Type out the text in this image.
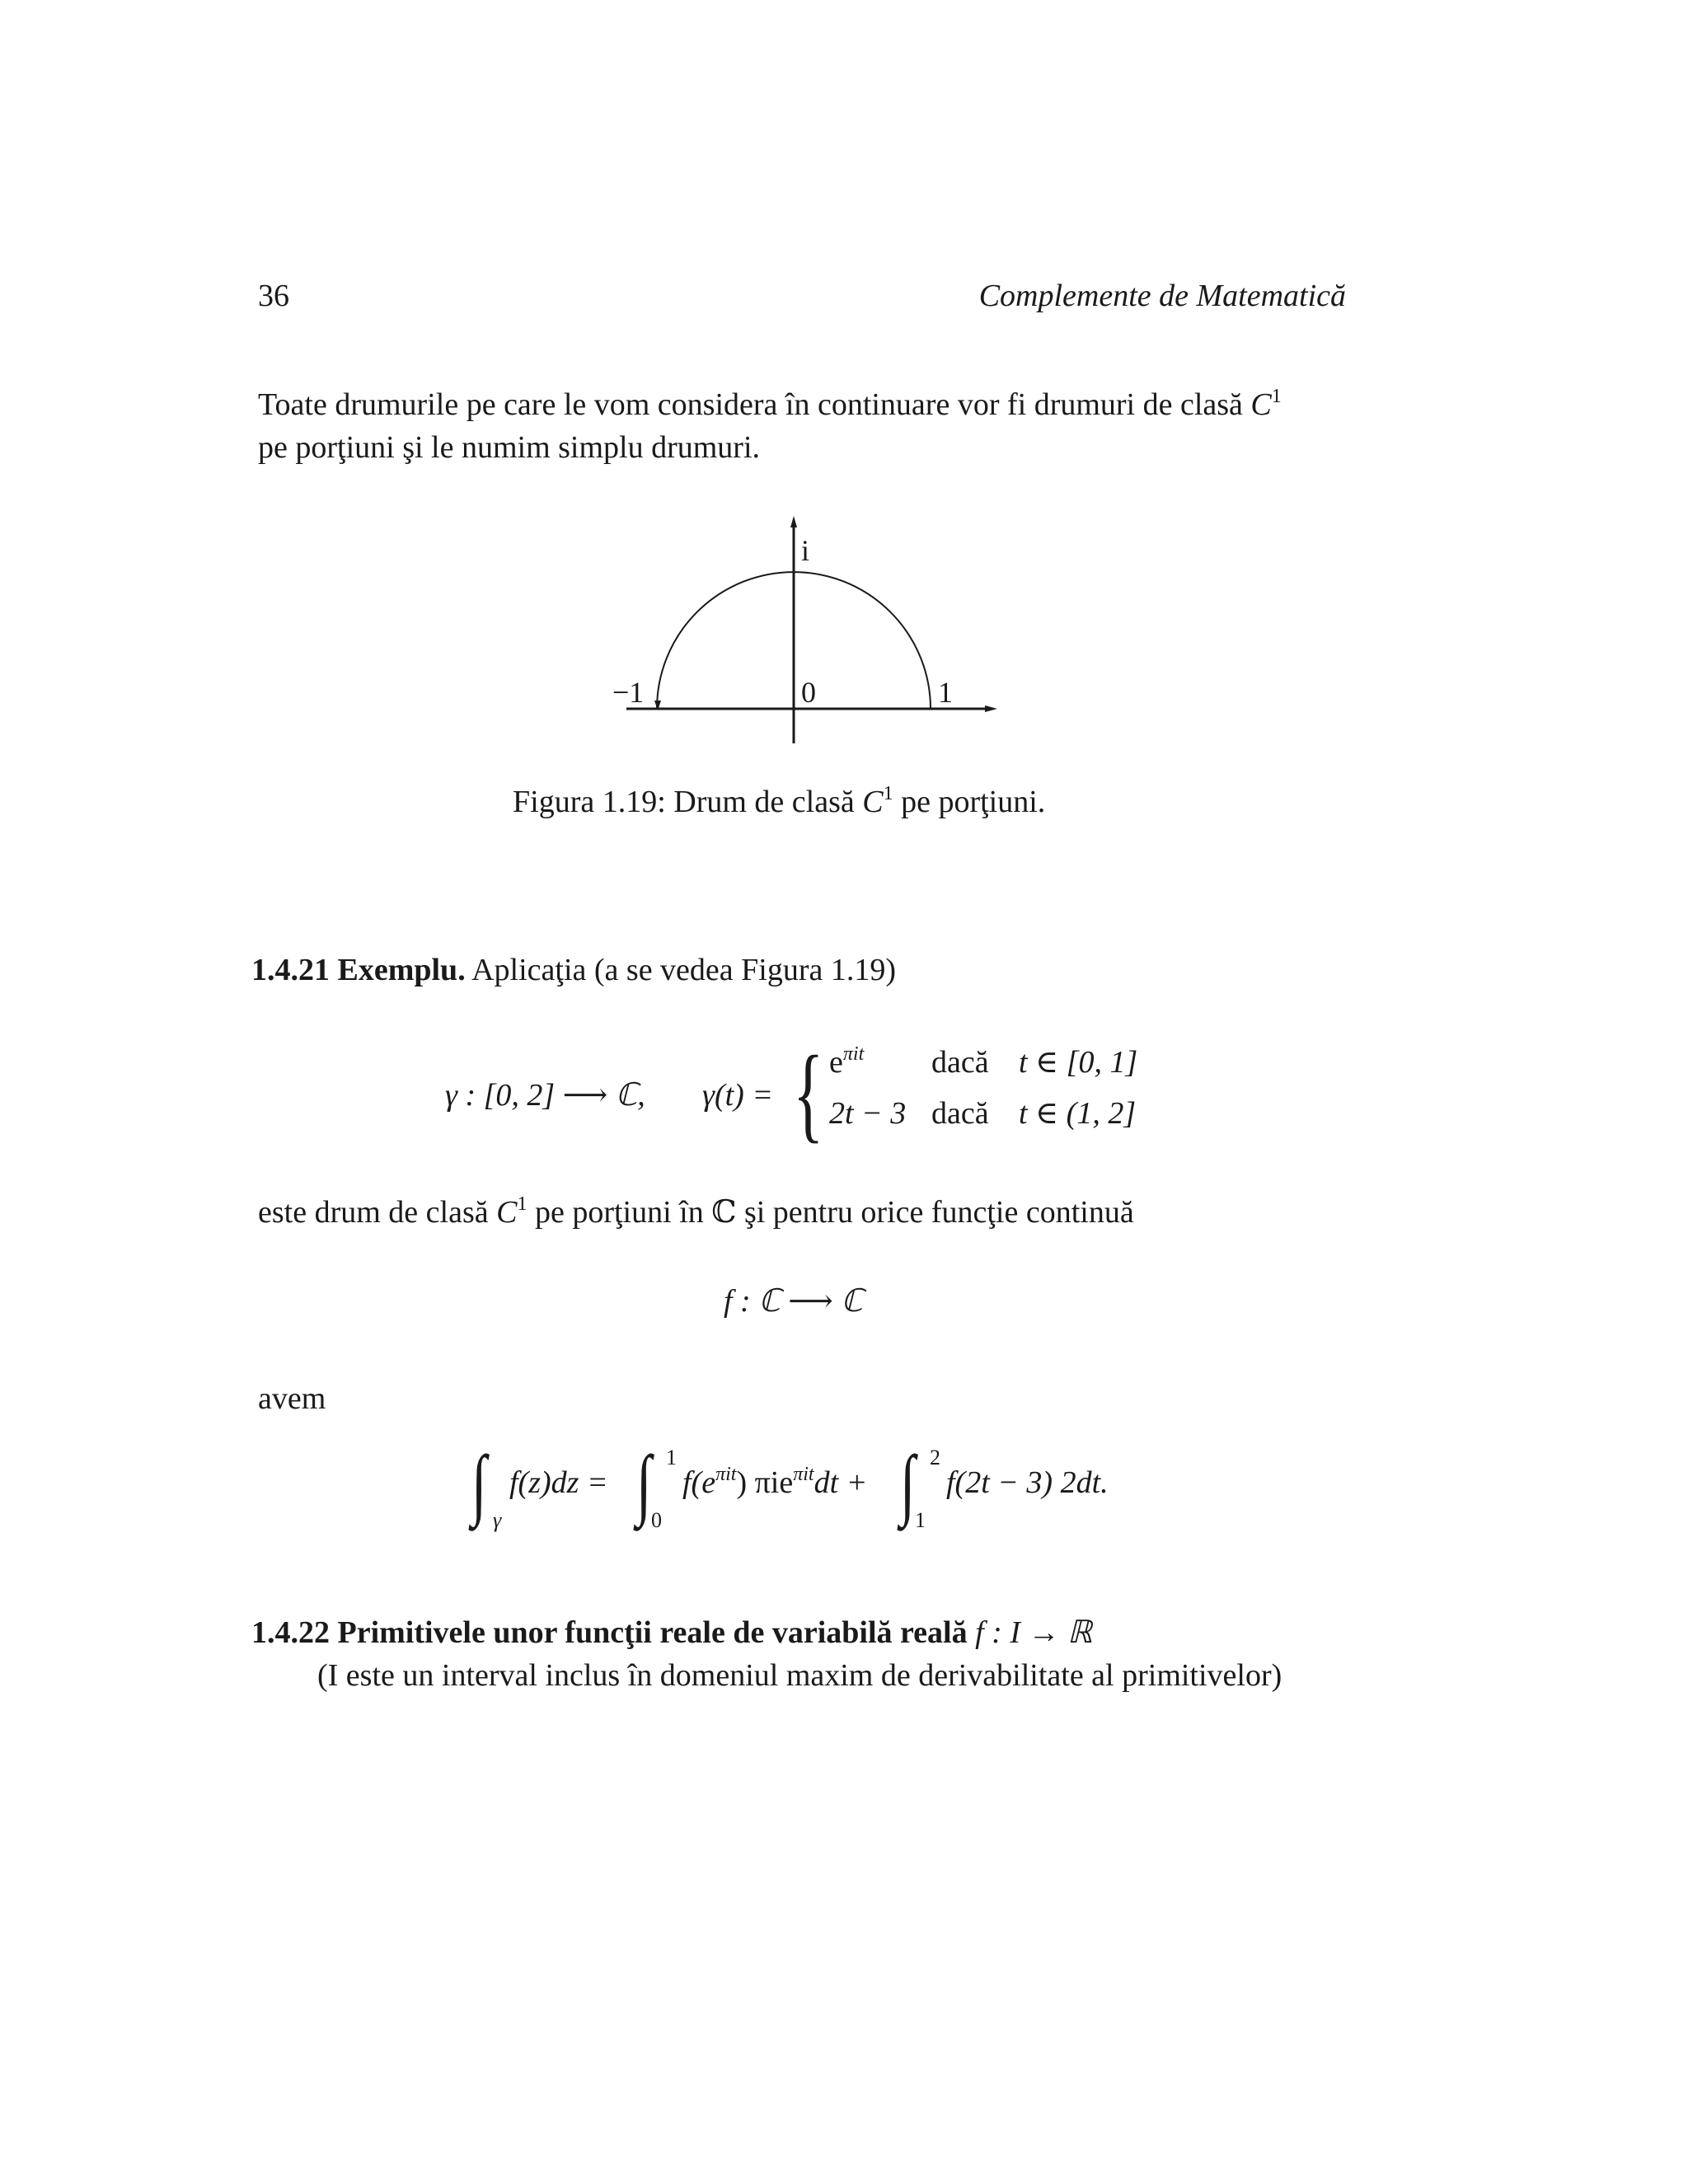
36	Complemente de Matematică
Toate drumurile pe care le vom considera în continuare vor fi drumuri de clasă $C^1$
pe porţiuni şi le numim simplu drumuri.
i
−1	0	1
Figura 1.19: Drum de clasă $C^1$ pe porţiuni.
1.4.21 Exemplu. Aplicaţia (a se vedea Figura 1.19)
γ : [0, 2] ⟶ ℂ, γ(t) = { $e^{\pi it}$ dacă t ∈ [0, 1]
2t − 3 dacă t ∈ (1, 2]
este drum de clasă $C^1$ pe porţiuni în ℂ şi pentru orice funcţie continuă
f : ℂ ⟶ ℂ
avem
∫ γ
f(z)dz = ∫ 1
0
$f(e^{\pi it}) \pi ie^{\pi it}dt$ + ∫ 2
1
f(2t − 3) 2dt.
1.4.22 Primitivele unor funcţii reale de variabilă reală f : I → ℝ
(I este un interval inclus în domeniul maxim de derivabilitate al primitivelor)
